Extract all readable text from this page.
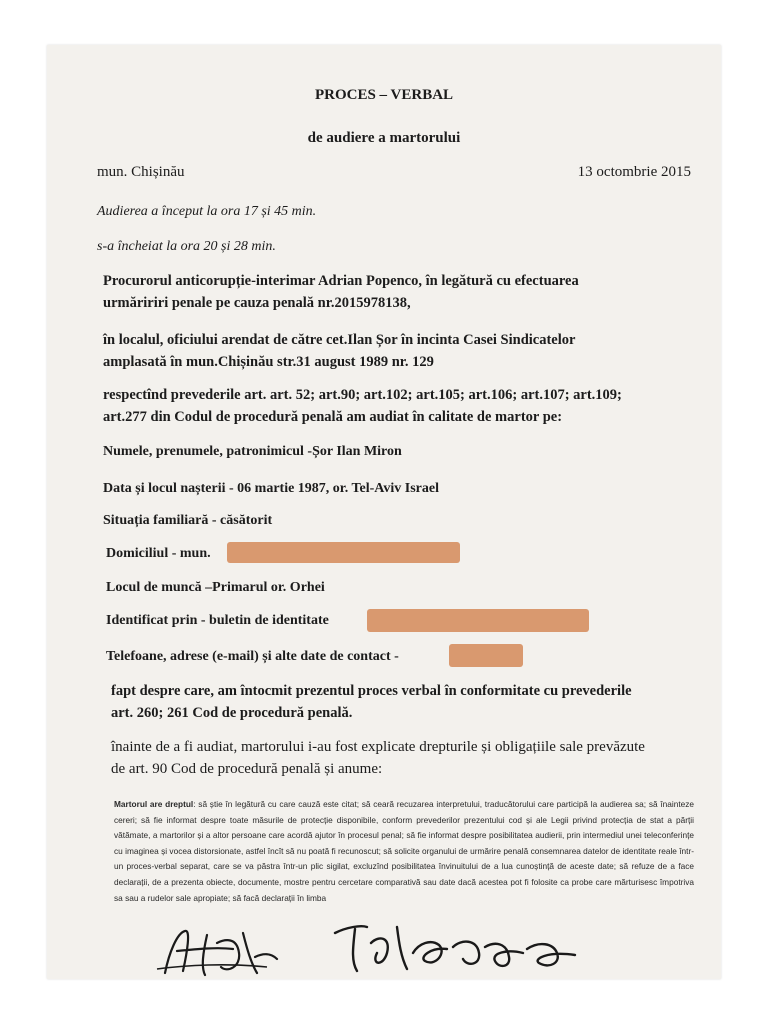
PROCES – VERBAL
de audiere a martorului
mun. Chișinău	13 octombrie 2015
Audierea a început la ora 17 și 45 min.
s-a încheiat la ora 20 și 28 min.
Procurorul anticorupție-interimar Adrian Popenco, în legătură cu efectuarea
urmăririri penale pe cauza penală nr.2015978138,
în localul, oficiului arendat de către cet.Ilan Șor în incinta Casei Sindicatelor
amplasată în mun.Chișinău str.31 august 1989 nr. 129
respectînd prevederile art. art. 52; art.90; art.102; art.105; art.106; art.107; art.109;
art.277 din Codul de procedură penală am audiat în calitate de martor pe:
Numele, prenumele, patronimicul -Șor Ilan Miron
Data și locul nașterii - 06 martie 1987, or. Tel-Aviv Israel
Situația familiară - căsătorit
Domiciliul - mun.
Locul de muncă –Primarul or. Orhei
Identificat prin - buletin de identitate
Telefoane, adrese (e-mail) și alte date de contact -
fapt despre care, am întocmit prezentul proces verbal în conformitate cu prevederile
art. 260; 261 Cod de procedură penală.
înainte de a fi audiat, martorului i-au fost explicate drepturile și obligațiile sale prevăzute
de art. 90 Cod de procedură penală și anume:
Martorul are dreptul: să știe în legătură cu care cauză este citat; să ceară recuzarea interpretului, traducătorului care participă la audierea sa; să înainteze cereri; să fie informat despre toate măsurile de protecție disponibile, conform prevederilor prezentului cod și ale Legii privind protecția de stat a părții vătămate, a martorilor și a altor persoane care acordă ajutor în procesul penal; să fie informat despre posibilitatea audierii, prin intermediul unei teleconferințe cu imaginea și vocea distorsionate, astfel încît să nu poată fi recunoscut; să solicite organului de urmărire penală consemnarea datelor de identitate reale într-un proces-verbal separat, care se va păstra într-un plic sigilat, excluzînd posibilitatea învinuitului de a lua cunoștință de aceste date; să refuze de a face declarații, de a prezenta obiecte, documente, mostre pentru cercetare comparativă sau date dacă acestea pot fi folosite ca probe care mărturisesc împotriva sa sau a rudelor sale apropiate; să facă declarații în limba
